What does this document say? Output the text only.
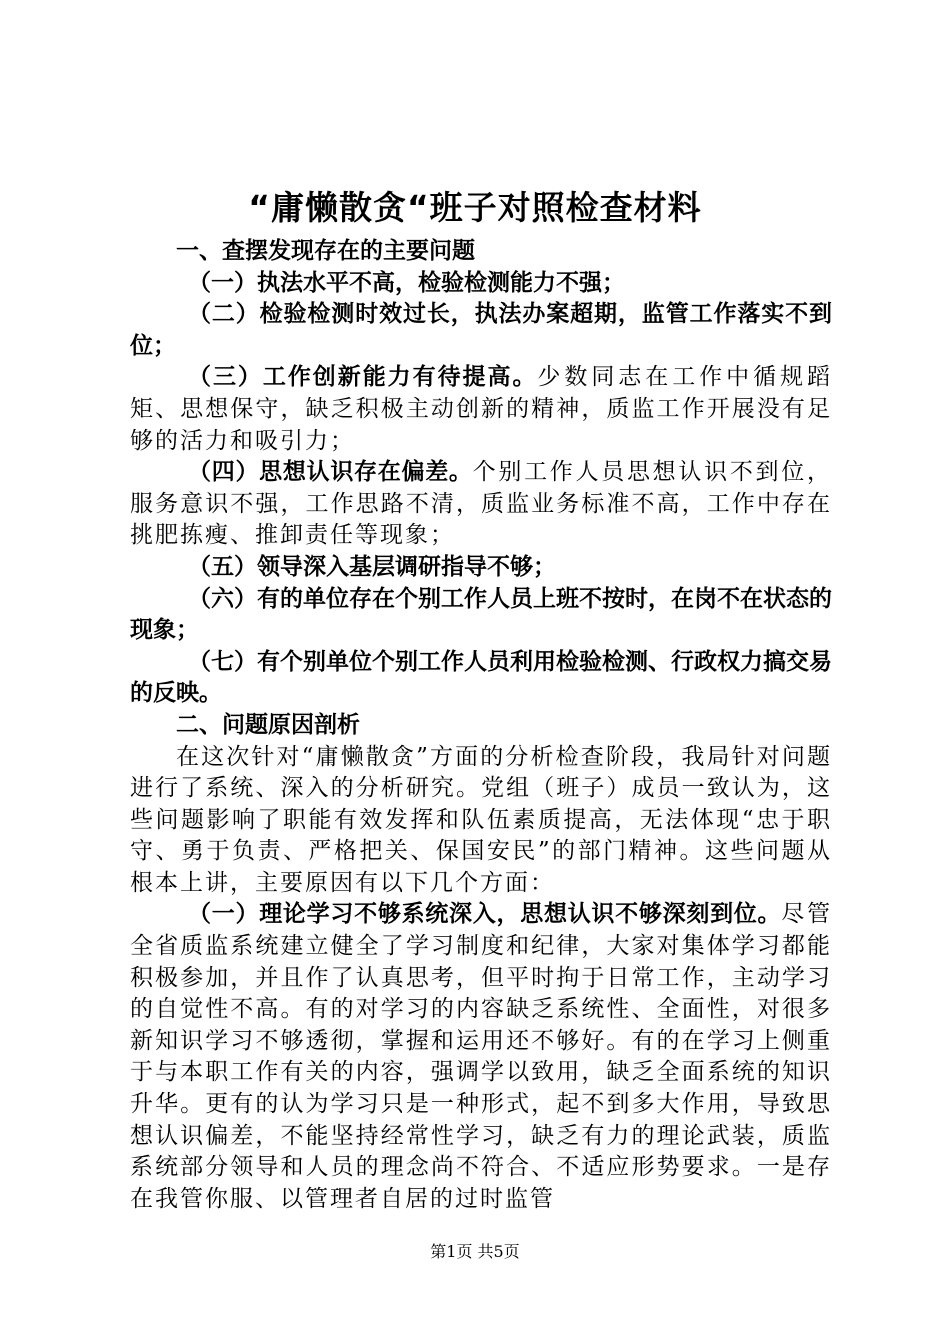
“庸懒散贪“班子对照检查材料

一、查摆发现存在的主要问题

（一）执法水平不高，检验检测能力不强；

（二）检验检测时效过长，执法办案超期，监管工作落实不到位；

（三）工作创新能力有待提高。少数同志在工作中循规蹈矩、思想保守，缺乏积极主动创新的精神，质监工作开展没有足够的活力和吸引力；

（四）思想认识存在偏差。个别工作人员思想认识不到位，服务意识不强，工作思路不清，质监业务标准不高，工作中存在挑肥拣瘦、推卸责任等现象；

（五）领导深入基层调研指导不够；

（六）有的单位存在个别工作人员上班不按时，在岗不在状态的现象；

（七）有个别单位个别工作人员利用检验检测、行政权力搞交易的反映。

二、问题原因剖析

在这次针对“庸懒散贪”方面的分析检查阶段，我局针对问题进行了系统、深入的分析研究。党组（班子）成员一致认为，这些问题影响了职能有效发挥和队伍素质提高，无法体现“忠于职守、勇于负责、严格把关、保国安民”的部门精神。这些问题从根本上讲，主要原因有以下几个方面：

（一）理论学习不够系统深入，思想认识不够深刻到位。尽管全省质监系统建立健全了学习制度和纪律，大家对集体学习都能积极参加，并且作了认真思考，但平时拘于日常工作，主动学习的自觉性不高。有的对学习的内容缺乏系统性、全面性，对很多新知识学习不够透彻，掌握和运用还不够好。有的在学习上侧重于与本职工作有关的内容，强调学以致用，缺乏全面系统的知识升华。更有的认为学习只是一种形式，起不到多大作用，导致思想认识偏差，不能坚持经常性学习，缺乏有力的理论武装，质监系统部分领导和人员的理念尚不符合、不适应形势要求。一是存在我管你服、以管理者自居的过时监管

第1页 共5页
